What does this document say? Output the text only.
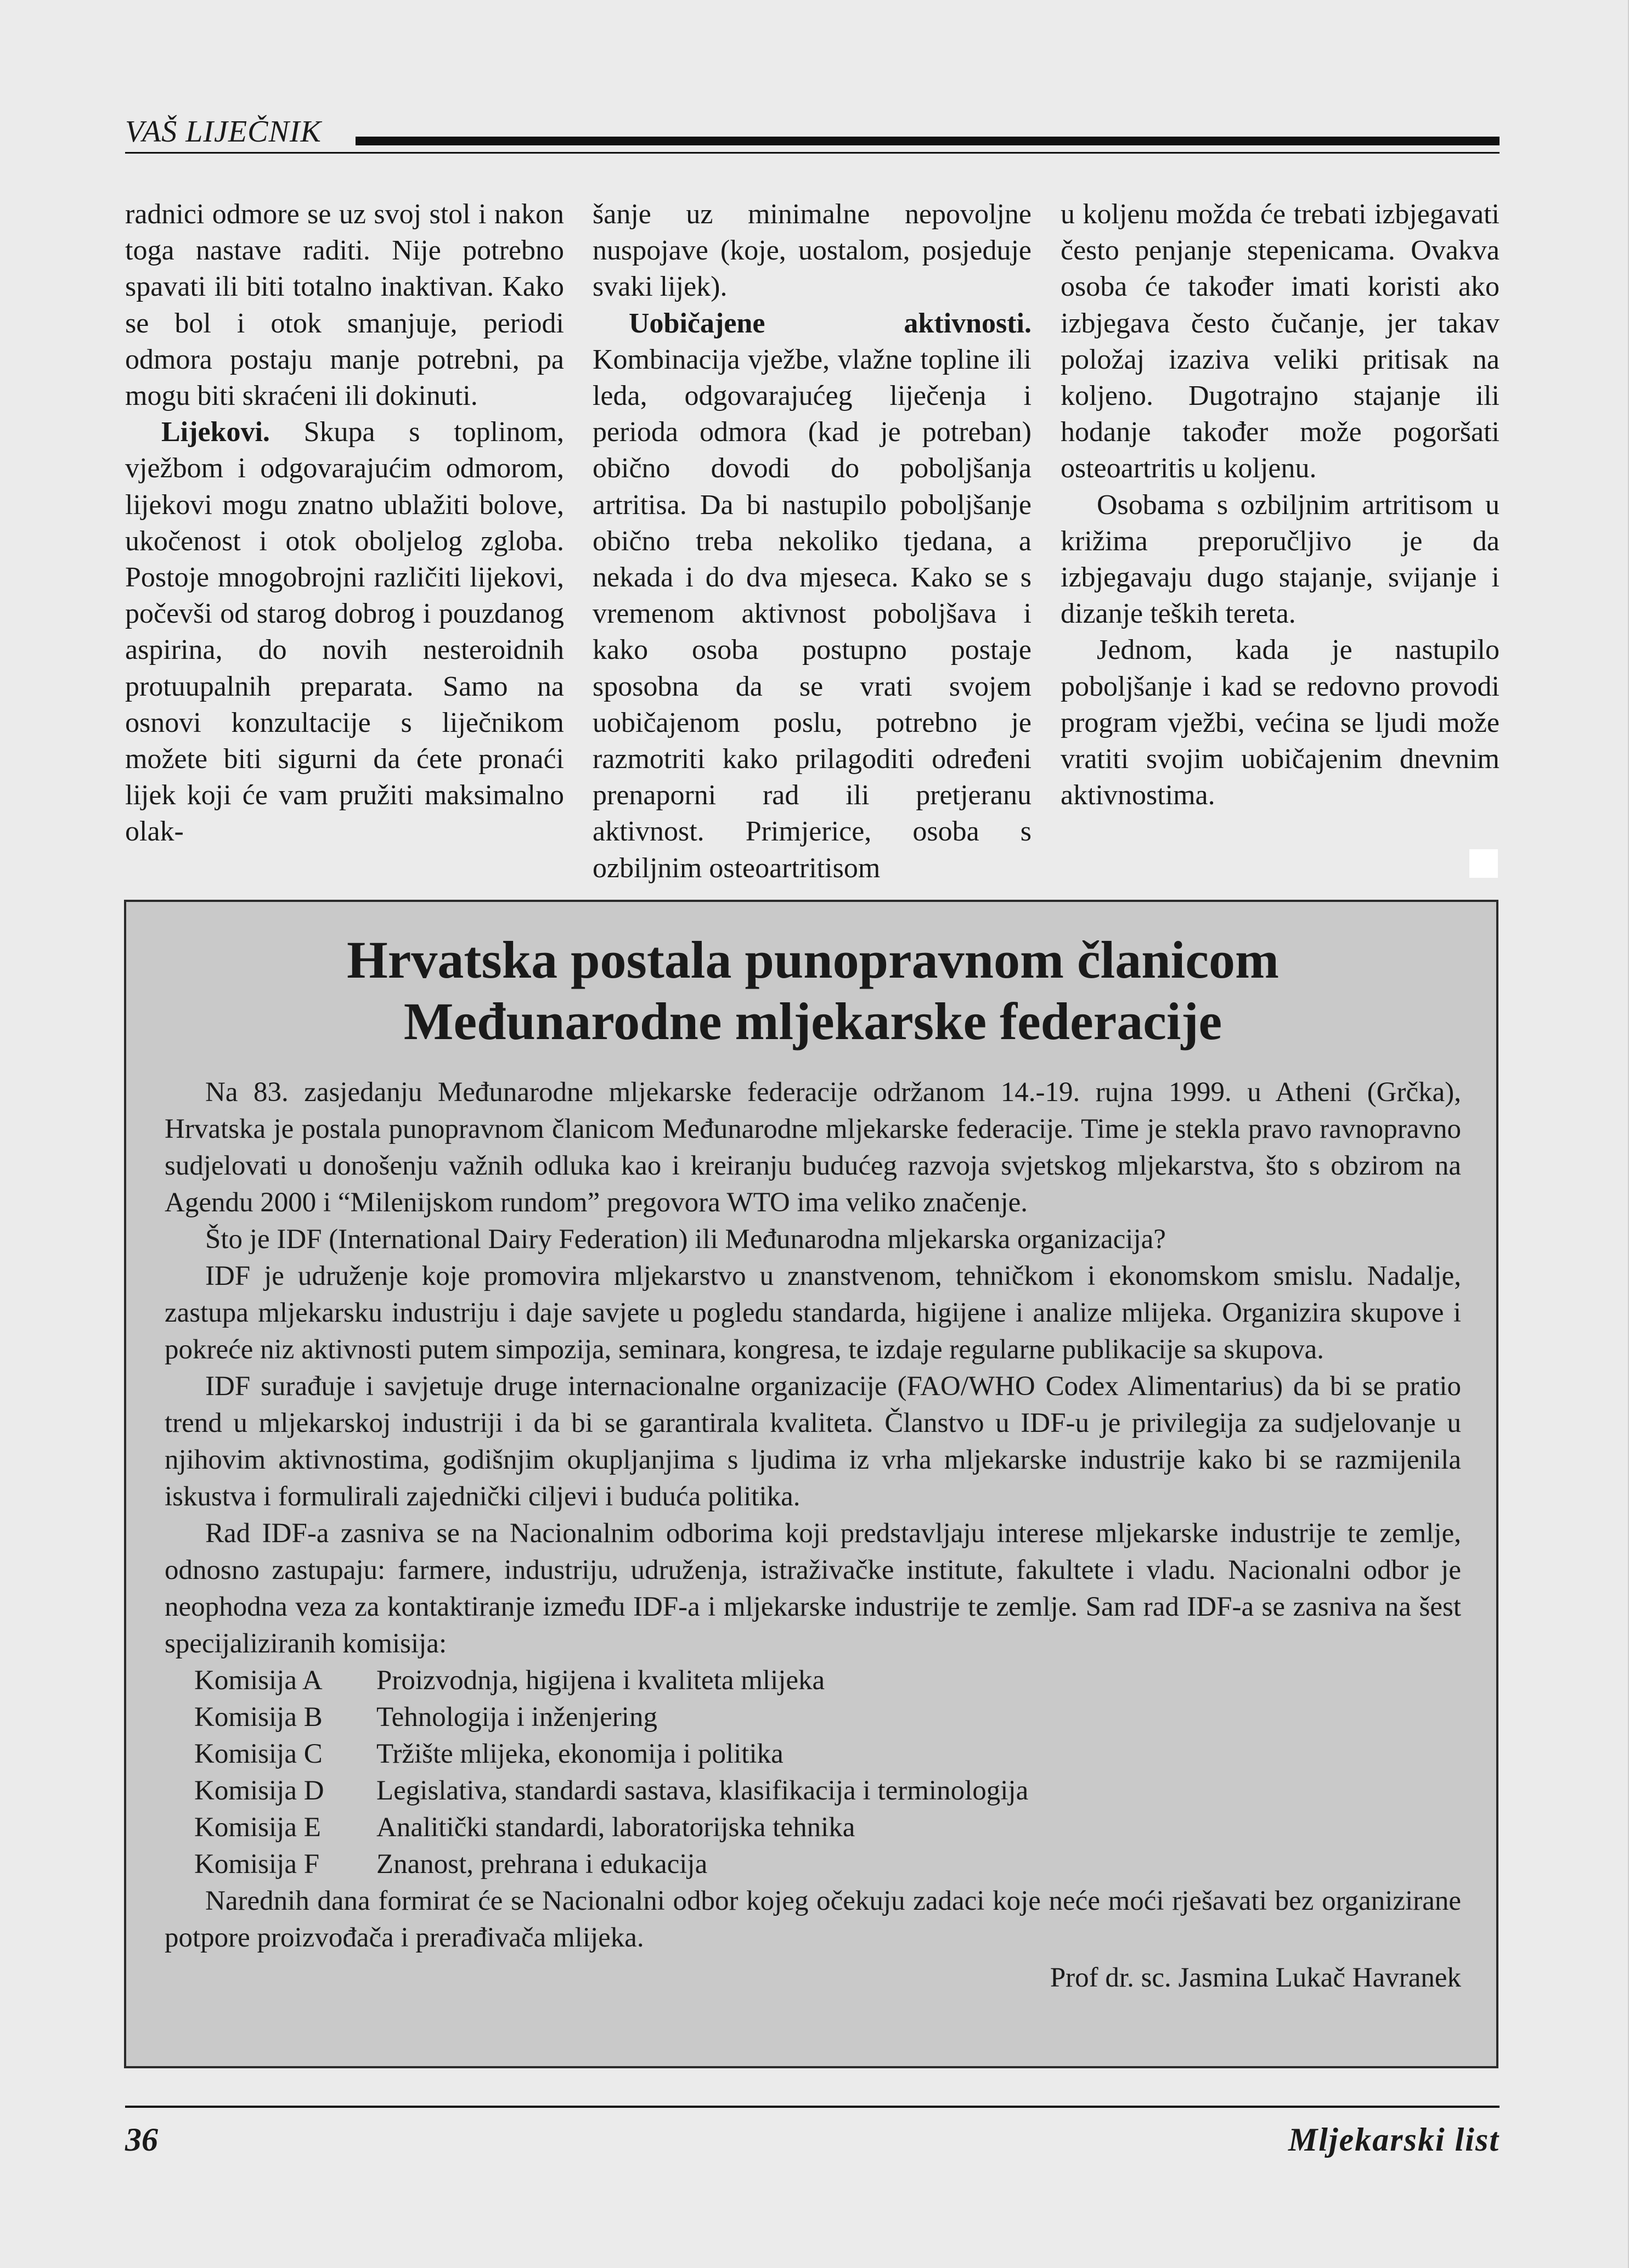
VAŠ LIJEČNIK

radnici odmore se uz svoj stol i nakon toga nastave raditi. Nije potrebno spavati ili biti totalno inaktivan. Kako se bol i otok smanjuje, periodi odmora postaju manje potrebni, pa mogu biti skraćeni ili dokinuti.

Lijekovi. Skupa s toplinom, vježbom i odgovarajućim odmorom, lijekovi mogu znatno ublažiti bolove, ukočenost i otok oboljelog zgloba. Postoje mnogobrojni različiti lijekovi, počevši od starog dobrog i pouzdanog aspirina, do novih nesteroidnih protuupalnih preparata. Samo na osnovi konzultacije s liječnikom možete biti sigurni da ćete pronaći lijek koji će vam pružiti maksimalno olak-

šanje uz minimalne nepovoljne nuspojave (koje, uostalom, posjeduje svaki lijek).

Uobičajene aktivnosti. Kombinacija vježbe, vlažne topline ili leda, odgovarajućeg liječenja i perioda odmora (kad je potreban) obično dovodi do poboljšanja artritisa. Da bi nastupilo poboljšanje obično treba nekoliko tjedana, a nekada i do dva mjeseca. Kako se s vremenom aktivnost poboljšava i kako osoba postupno postaje sposobna da se vrati svojem uobičajenom poslu, potrebno je razmotriti kako prilagoditi određeni prenaporni rad ili pretjeranu aktivnost. Primjerice, osoba s ozbiljnim osteoartritisom

u koljenu možda će trebati izbjegavati često penjanje stepenicama. Ovakva osoba će također imati koristi ako izbjegava često čučanje, jer takav položaj izaziva veliki pritisak na koljeno. Dugotrajno stajanje ili hodanje također može pogoršati osteoartritis u koljenu.

Osobama s ozbiljnim artritisom u križima preporučljivo je da izbjegavaju dugo stajanje, svijanje i dizanje teških tereta.

Jednom, kada je nastupilo poboljšanje i kad se redovno provodi program vježbi, većina se ljudi može vratiti svojim uobičajenim dnevnim aktivnostima.

Hrvatska postala punopravnom članicom
Međunarodne mljekarske federacije

Na 83. zasjedanju Međunarodne mljekarske federacije održanom 14.-19. rujna 1999. u Atheni (Grčka), Hrvatska je postala punopravnom članicom Međunarodne mljekarske federacije. Time je stekla pravo ravnopravno sudjelovati u donošenju važnih odluka kao i kreiranju budućeg razvoja svjetskog mljekarstva, što s obzirom na Agendu 2000 i “Milenijskom rundom” pregovora WTO ima veliko značenje.

Što je IDF (International Dairy Federation) ili Međunarodna mljekarska organizacija?

IDF je udruženje koje promovira mljekarstvo u znanstvenom, tehničkom i ekonomskom smislu. Nadalje, zastupa mljekarsku industriju i daje savjete u pogledu standarda, higijene i analize mlijeka. Organizira skupove i pokreće niz aktivnosti putem simpozija, seminara, kongresa, te izdaje regularne publikacije sa skupova.

IDF surađuje i savjetuje druge internacionalne organizacije (FAO/WHO Codex Alimentarius) da bi se pratio trend u mljekarskoj industriji i da bi se garantirala kvaliteta. Članstvo u IDF-u je privilegija za sudjelovanje u njihovim aktivnostima, godišnjim okupljanjima s ljudima iz vrha mljekarske industrije kako bi se razmijenila iskustva i formulirali zajednički ciljevi i buduća politika.

Rad IDF-a zasniva se na Nacionalnim odborima koji predstavljaju interese mljekarske industrije te zemlje, odnosno zastupaju: farmere, industriju, udruženja, istraživačke institute, fakultete i vladu. Nacionalni odbor je neophodna veza za kontaktiranje između IDF-a i mljekarske industrije te zemlje. Sam rad IDF-a se zasniva na šest specijaliziranih komisija:

Komisija A	Proizvodnja, higijena i kvaliteta mlijeka
Komisija B	Tehnologija i inženjering
Komisija C	Tržište mlijeka, ekonomija i politika
Komisija D	Legislativa, standardi sastava, klasifikacija i terminologija
Komisija E	Analitički standardi, laboratorijska tehnika
Komisija F	Znanost, prehrana i edukacija

Narednih dana formirat će se Nacionalni odbor kojeg očekuju zadaci koje neće moći rješavati bez organizirane potpore proizvođača i prerađivača mlijeka.

Prof dr. sc. Jasmina Lukač Havranek
36	Mljekarski list
